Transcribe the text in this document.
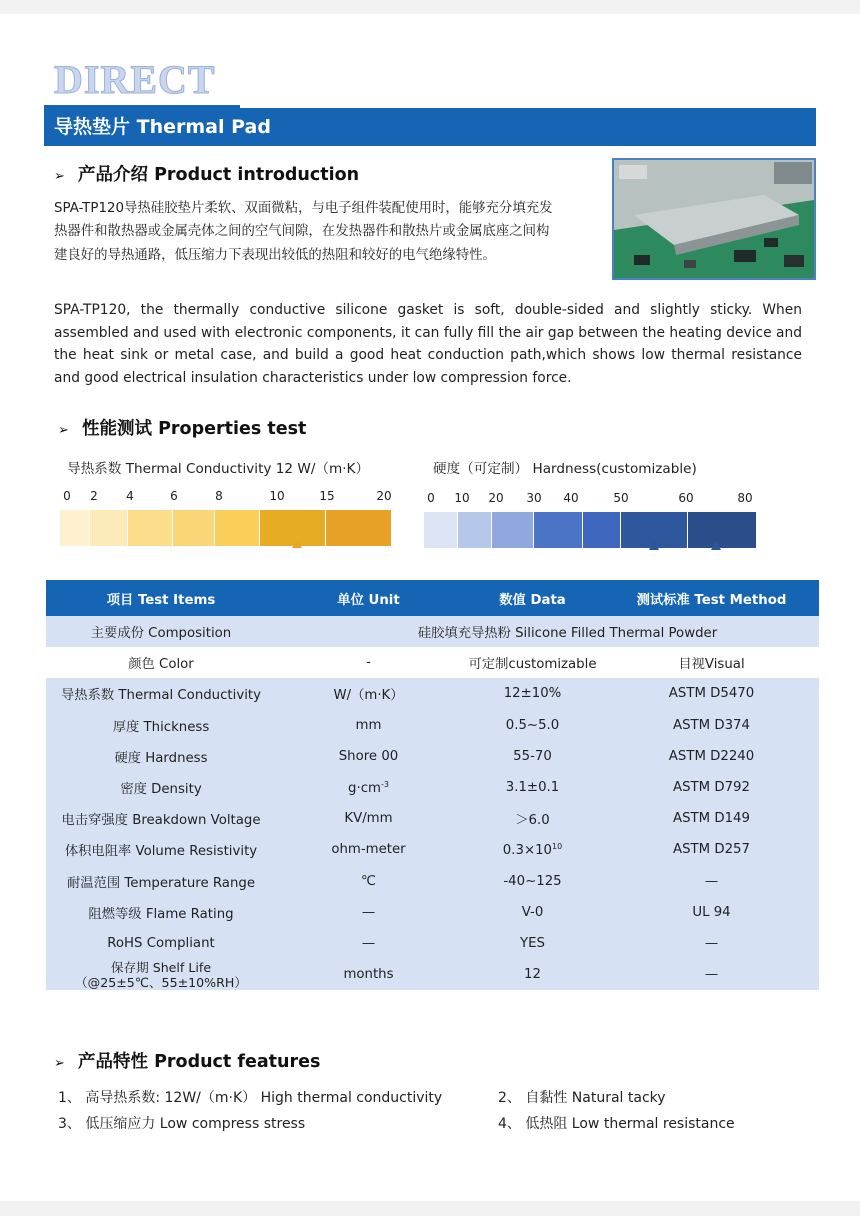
DIRECT
导热垫片 Thermal Pad
➢ 产品介绍 Product introduction
SPA-TP120导热硅胶垫片柔软、双面微粘，与电子组件装配使用时，能够充分填充发热器件和散热器或金属壳体之间的空气间隙，在发热器件和散热片或金属底座之间构建良好的导热通路，低压缩力下表现出较低的热阻和较好的电气绝缘特性。
SPA-TP120, the thermally conductive silicone gasket is soft, double-sided and slightly sticky. When assembled and used with electronic components, it can fully fill the air gap between the heating device and the heat sink or metal case, and build a good heat conduction path,which shows low thermal resistance and good electrical insulation characteristics under low compression force.
➢ 性能测试 Properties test
导热系数 Thermal Conductivity 12 W/（m·K）	硬度（可定制） Hardness(customizable)
0 2 4	6	8	10	15	20	0 10 20 30 40	50	60	80
项目 Test Items	单位 Unit	数值 Data	测试标准 Test Method
主要成份 Composition	硅胶填充导热粉 Silicone Filled Thermal Powder		
颜色 Color	-	可定制customizable	目视Visual
导热系数 Thermal Conductivity	W/（m·K）	12±10%	ASTM D5470
厚度 Thickness	mm	0.5~5.0	ASTM D374
硬度 Hardness	Shore 00	55-70	ASTM D2240
密度 Density	$g\cdot cm^{-3}$	3.1±0.1	ASTM D792
电击穿强度 Breakdown Voltage	KV/mm	＞6.0	ASTM D149
体积电阻率 Volume Resistivity	ohm-meter	$0.3\times 10^{10}$	ASTM D257
耐温范围 Temperature Range	℃	-40~125	—
阻燃等级 Flame Rating	—	V-0	UL 94
RoHS Compliant	—	YES	—

保存期 Shelf Life
（@25±5℃、55±10%RH）	months	12	—
➢ 产品特性 Product features
1、 高导热系数: 12W/（m·K） High thermal conductivity	2、 自黏性 Natural tacky
3、 低压缩应力 Low compress stress	4、 低热阻 Low thermal resistance
